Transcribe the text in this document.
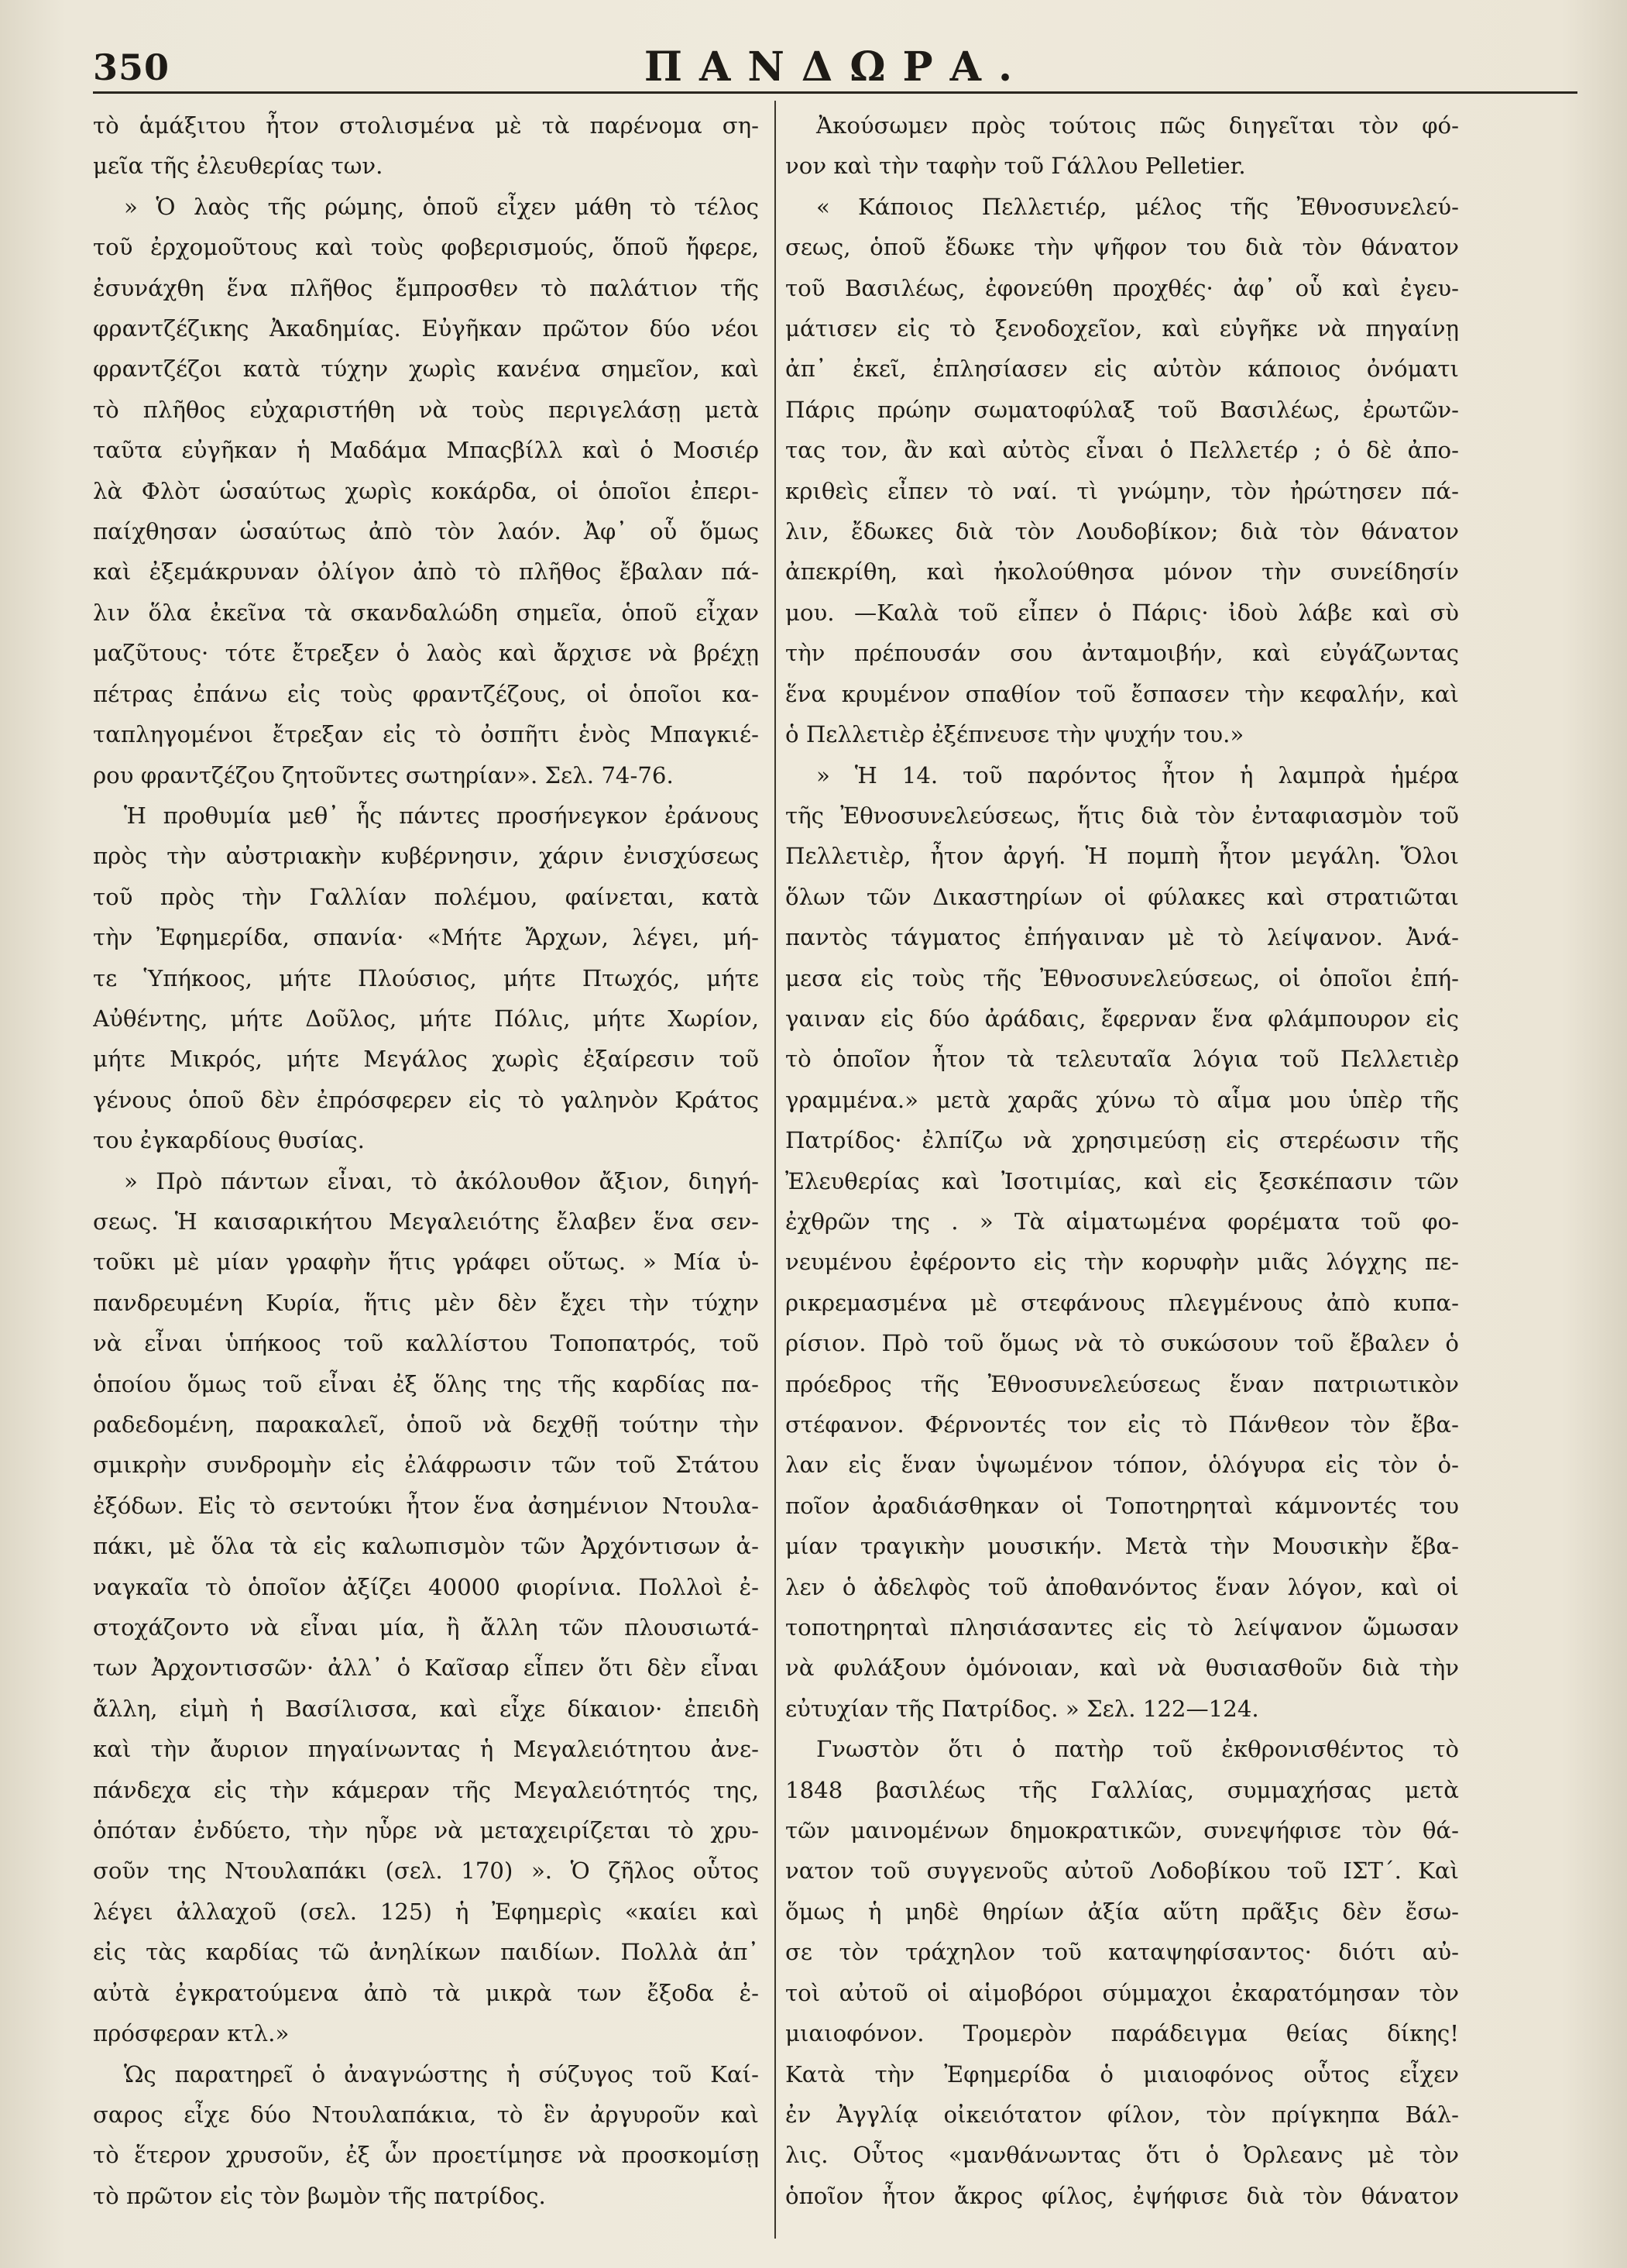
350	ΠΑΝΔΩΡΑ.
τὸ ἁμάξιτου ἦτον στολισμένα μὲ τὰ παρένομα ση-
μεῖα τῆς ἐλευθερίας των.
» Ὁ λαὸς τῆς ρώμης, ὁποῦ εἶχεν μάθη τὸ τέλος
τοῦ ἐρχομοῦτους καὶ τοὺς φοβερισμούς, ὅποῦ ἤφερε,
ἐσυνάχθη ἕνα πλῆθος ἔμπροσθεν τὸ παλάτιον τῆς
φραντζέζικης Ἀκαδημίας. Εὐγῆκαν πρῶτον δύο νέοι
φραντζέζοι κατὰ τύχην χωρὶς κανένα σημεῖον, καὶ
τὸ πλῆθος εὐχαριστήθη νὰ τοὺς περιγελάσῃ μετὰ
ταῦτα εὐγῆκαν ἡ Μαδάμα Μπαςβίλλ καὶ ὁ Μοσιέρ
λὰ Φλὸτ ὡσαύτως χωρὶς κοκάρδα, οἱ ὁποῖοι ἐπερι-
παίχθησαν ὡσαύτως ἀπὸ τὸν λαόν. Ἀφ᾽ οὗ ὅμως
καὶ ἐξεμάκρυναν ὀλίγον ἀπὸ τὸ πλῆθος ἔβαλαν πά-
λιν ὅλα ἐκεῖνα τὰ σκανδαλώδη σημεῖα, ὁποῦ εἶχαν
μαζῦτους· τότε ἔτρεξεν ὁ λαὸς καὶ ἄρχισε νὰ βρέχῃ
πέτρας ἐπάνω εἰς τοὺς φραντζέζους, οἱ ὁποῖοι κα-
ταπληγομένοι ἔτρεξαν εἰς τὸ ὀσπῆτι ἑνὸς Μπαγκιέ-
ρου φραντζέζου ζητοῦντες σωτηρίαν». Σελ. 74-76.
Ἡ προθυμία μεθ᾽ ἧς πάντες προσήνεγκον ἐράνους
πρὸς τὴν αὐστριακὴν κυβέρνησιν, χάριν ἐνισχύσεως
τοῦ πρὸς τὴν Γαλλίαν πολέμου, φαίνεται, κατὰ
τὴν Ἐφημερίδα, σπανία· «Μήτε Ἄρχων, λέγει, μή-
τε Ὑπήκοος, μήτε Πλούσιος, μήτε Πτωχός, μήτε
Αὐθέντης, μήτε Δοῦλος, μήτε Πόλις, μήτε Χωρίον,
μήτε Μικρός, μήτε Μεγάλος χωρὶς ἐξαίρεσιν τοῦ
γένους ὁποῦ δὲν ἐπρόσφερεν εἰς τὸ γαληνὸν Κράτος
του ἐγκαρδίους θυσίας.
» Πρὸ πάντων εἶναι, τὸ ἀκόλουθον ἄξιον, διηγή-
σεως. Ἡ καισαρικήτου Μεγαλειότης ἔλαβεν ἕνα σεν-
τοῦκι μὲ μίαν γραφὴν ἥτις γράφει οὕτως. » Μία ὑ-
πανδρευμένη Κυρία, ἥτις μὲν δὲν ἔχει τὴν τύχην
νὰ εἶναι ὑπήκοος τοῦ καλλίστου Τοποπατρός, τοῦ
ὁποίου ὅμως τοῦ εἶναι ἐξ ὅλης της τῆς καρδίας πα-
ραδεδομένη, παρακαλεῖ, ὁποῦ νὰ δεχθῇ τούτην τὴν
σμικρὴν συνδρομὴν εἰς ἐλάφρωσιν τῶν τοῦ Στάτου
ἐξόδων. Εἰς τὸ σεντούκι ἦτον ἕνα ἀσημένιον Ντουλα-
πάκι, μὲ ὅλα τὰ εἰς καλωπισμὸν τῶν Ἀρχόντισων ἀ-
ναγκαῖα τὸ ὁποῖον ἀξίζει 40000 φιορίνια. Πολλοὶ ἐ-
στοχάζοντο νὰ εἶναι μία, ἢ ἄλλη τῶν πλουσιωτά-
των Ἀρχοντισσῶν· ἀλλ᾽ ὁ Καῖσαρ εἶπεν ὅτι δὲν εἶναι
ἄλλη, εἰμὴ ἡ Βασίλισσα, καὶ εἶχε δίκαιον· ἐπειδὴ
καὶ τὴν ἄυριον πηγαίνωντας ἡ Μεγαλειότητου ἀνε-
πάνδεχα εἰς τὴν κάμεραν τῆς Μεγαλειότητός της,
ὁπόταν ἐνδύετο, τὴν ηὗρε νὰ μεταχειρίζεται τὸ χρυ-
σοῦν της Ντουλαπάκι (σελ. 170) ». Ὁ ζῆλος οὗτος
λέγει ἀλλαχοῦ (σελ. 125) ἡ Ἐφημερὶς «καίει καὶ
εἰς τὰς καρδίας τῶ ἀνηλίκων παιδίων. Πολλὰ ἀπ᾽
αὐτὰ ἐγκρατούμενα ἀπὸ τὰ μικρὰ των ἔξοδα ἐ-
πρόσφεραν κτλ.»
Ὡς παρατηρεῖ ὁ ἀναγνώστης ἡ σύζυγος τοῦ Καί-
σαρος εἶχε δύο Ντουλαπάκια, τὸ ἓν ἀργυροῦν καὶ
τὸ ἕτερον χρυσοῦν, ἐξ ὧν προετίμησε νὰ προσκομίσῃ
τὸ πρῶτον εἰς τὸν βωμὸν τῆς πατρίδος.
Ἀκούσωμεν πρὸς τούτοις πῶς διηγεῖται τὸν φό-
νον καὶ τὴν ταφὴν τοῦ Γάλλου Pelletier.
« Κάποιος Πελλετιέρ, μέλος τῆς Ἐθνοσυνελεύ-
σεως, ὁποῦ ἔδωκε τὴν ψῆφον του διὰ τὸν θάνατον
τοῦ Βασιλέως, ἐφονεύθη προχθές· ἀφ᾽ οὗ καὶ ἐγευ-
μάτισεν εἰς τὸ ξενοδοχεῖον, καὶ εὐγῆκε νὰ πηγαίνῃ
ἀπ᾽ ἐκεῖ, ἐπλησίασεν εἰς αὐτὸν κάποιος ὀνόματι
Πάρις πρώην σωματοφύλαξ τοῦ Βασιλέως, ἐρωτῶν-
τας τον, ἂν καὶ αὐτὸς εἶναι ὁ Πελλετέρ ; ὁ δὲ ἀπο-
κριθεὶς εἶπεν τὸ ναί. τὶ γνώμην, τὸν ἠρώτησεν πά-
λιν, ἔδωκες διὰ τὸν Λουδοβίκον; διὰ τὸν θάνατον
ἀπεκρίθη, καὶ ἠκολούθησα μόνον τὴν συνείδησίν
μου. —Καλὰ τοῦ εἶπεν ὁ Πάρις· ἰδοὺ λάβε καὶ σὺ
τὴν πρέπουσάν σου ἀνταμοιβήν, καὶ εὐγάζωντας
ἕνα κρυμένον σπαθίον τοῦ ἔσπασεν τὴν κεφαλήν, καὶ
ὁ Πελλετιὲρ ἐξέπνευσε τὴν ψυχήν του.»
» Ἡ 14. τοῦ παρόντος ἦτον ἡ λαμπρὰ ἡμέρα
τῆς Ἐθνοσυνελεύσεως, ἥτις διὰ τὸν ἐνταφιασμὸν τοῦ
Πελλετιὲρ, ἦτον ἀργή. Ἡ πομπὴ ἦτον μεγάλη. Ὅλοι
ὅλων τῶν Δικαστηρίων οἱ φύλακες καὶ στρατιῶται
παντὸς τάγματος ἐπήγαιναν μὲ τὸ λείψανον. Ἀνά-
μεσα εἰς τοὺς τῆς Ἐθνοσυνελεύσεως, οἱ ὁποῖοι ἐπή-
γαιναν εἰς δύο ἀράδαις, ἔφερναν ἕνα φλάμπουρον εἰς
τὸ ὁποῖον ἦτον τὰ τελευταῖα λόγια τοῦ Πελλετιὲρ
γραμμένα.» μετὰ χαρᾶς χύνω τὸ αἷμα μου ὑπὲρ τῆς
Πατρίδος· ἐλπίζω νὰ χρησιμεύσῃ εἰς στερέωσιν τῆς
Ἐλευθερίας καὶ Ἰσοτιμίας, καὶ εἰς ξεσκέπασιν τῶν
ἐχθρῶν της . » Τὰ αἱματωμένα φορέματα τοῦ φο-
νευμένου ἐφέροντο εἰς τὴν κορυφὴν μιᾶς λόγχης πε-
ρικρεμασμένα μὲ στεφάνους πλεγμένους ἀπὸ κυπα-
ρίσιον. Πρὸ τοῦ ὅμως νὰ τὸ συκώσουν τοῦ ἔβαλεν ὁ
πρόεδρος τῆς Ἐθνοσυνελεύσεως ἕναν πατριωτικὸν
στέφανον. Φέρνοντές τον εἰς τὸ Πάνθεον τὸν ἔβα-
λαν εἰς ἕναν ὑψωμένον τόπον, ὁλόγυρα εἰς τὸν ὁ-
ποῖον ἀραδιάσθηκαν οἱ Τοποτηρηταὶ κάμνοντές του
μίαν τραγικὴν μουσικήν. Μετὰ τὴν Μουσικὴν ἔβα-
λεν ὁ ἀδελφὸς τοῦ ἀποθανόντος ἕναν λόγον, καὶ οἱ
τοποτηρηταὶ πλησιάσαντες εἰς τὸ λείψανον ὤμωσαν
νὰ φυλάξουν ὁμόνοιαν, καὶ νὰ θυσιασθοῦν διὰ τὴν
εὐτυχίαν τῆς Πατρίδος. » Σελ. 122—124.
Γνωστὸν ὅτι ὁ πατὴρ τοῦ ἐκθρονισθέντος τὸ
1848 βασιλέως τῆς Γαλλίας, συμμαχήσας μετὰ
τῶν μαινομένων δημοκρατικῶν, συνεψήφισε τὸν θά-
νατον τοῦ συγγενοῦς αὐτοῦ Λοδοβίκου τοῦ ΙΣΤ΄. Καὶ
ὅμως ἡ μηδὲ θηρίων ἀξία αὕτη πρᾶξις δὲν ἔσω-
σε τὸν τράχηλον τοῦ καταψηφίσαντος· διότι αὐ-
τοὶ αὐτοῦ οἱ αἱμοβόροι σύμμαχοι ἐκαρατόμησαν τὸν
μιαιοφόνον. Τρομερὸν παράδειγμα θείας δίκης!
Κατὰ τὴν Ἐφημερίδα ὁ μιαιοφόνος οὗτος εἶχεν
ἐν Ἀγγλίᾳ οἰκειότατον φίλον, τὸν πρίγκηπα Βάλ-
λις. Οὗτος «μανθάνωντας ὅτι ὁ Ὀρλεανς μὲ τὸν
ὁποῖον ἦτον ἄκρος φίλος, ἐψήφισε διὰ τὸν θάνατον
